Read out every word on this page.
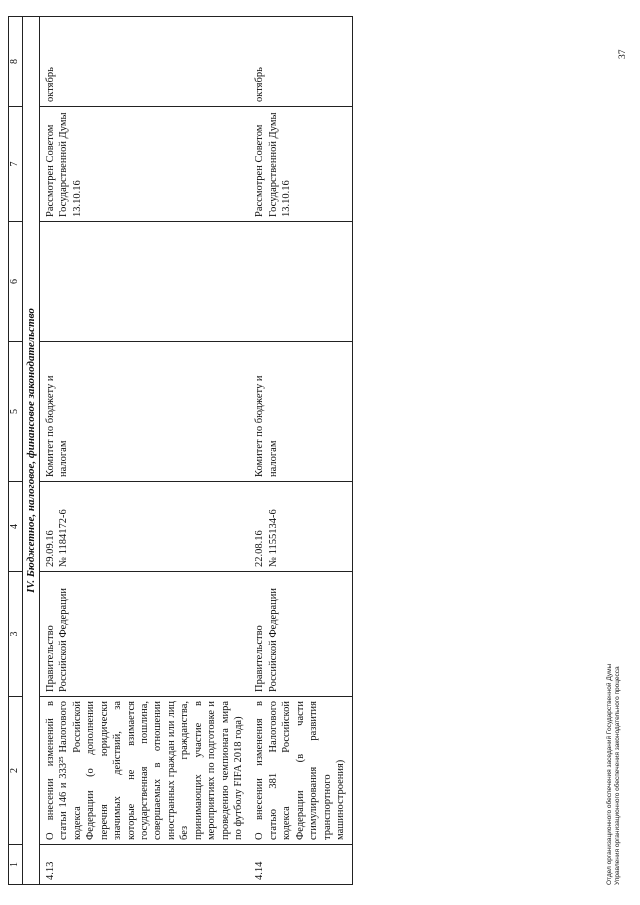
1	2	3	4	5	6	7	8
IV. Бюджетное, налоговое, финансовое законодательство							
4.13	О внесении изменений в статьи 146 и 333²⁵ Налогового кодекса Российской Федерации (о дополнении перечня юридически значимых действий, за которые не взимается государственная пошлина, совершаемых в отношении иностранных граждан или лиц без гражданства, принимающих участие в мероприятиях по подготовке и проведению чемпионата мира по футболу FIFA 2018 года)	Правительство Российской Федерации	29.09.16 № 1184172-6	Комитет по бюджету и налогам		Рассмотрен Советом Государственной Думы 13.10.16	октябрь
4.14	О внесении изменения в статью 381 Налогового кодекса Российской Федерации (в части стимулирования развития транспортного машиностроения)	Правительство Российской Федерации	22.08.16 № 1155134-6	Комитет по бюджету и налогам		Рассмотрен Советом Государственной Думы 13.10.16	октябрь
Отдел организационного обеспечения заседаний Государственной Думы Управления организационного обеспечения законодательного процесса
37
